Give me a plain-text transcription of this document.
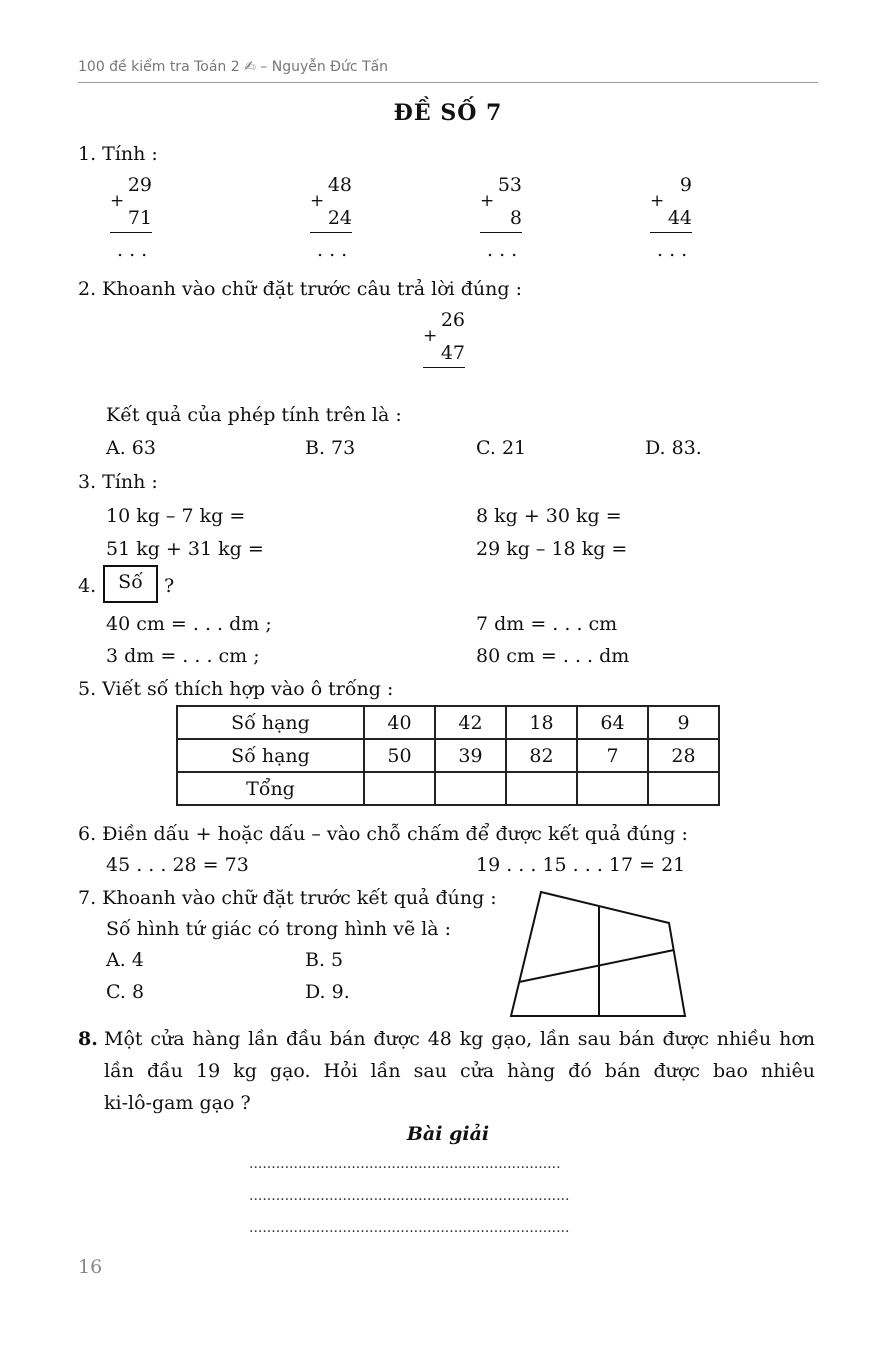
100 đề kiểm tra Toán 2 ✍ – Nguyễn Đức Tấn
ĐỀ SỐ 7
1. Tính :
29
+
71
. . .
48
+
24
. . .
53
+
8
. . .
9
+
44
. . .
2. Khoanh vào chữ đặt trước câu trả lời đúng :
26
+
47
Kết quả của phép tính trên là :
A. 63	B. 73	C. 21	D. 83.
3. Tính :
10 kg – 7 kg =	8 kg + 30 kg =
51 kg + 31 kg =	29 kg – 18 kg =
4.	Số	?
40 cm = . . . dm ;	7 dm = . . . cm
3 dm = . . . cm ;	80 cm = . . . dm
5. Viết số thích hợp vào ô trống :
Số hạng	40	42	18	64	9
Số hạng	50	39	82	7	28
Tổng					
6. Điền dấu + hoặc dấu – vào chỗ chấm để được kết quả đúng :
45 . . . 28 = 73	19 . . . 15 . . . 17 = 21
7. Khoanh vào chữ đặt trước kết quả đúng :
Số hình tứ giác có trong hình vẽ là :
A. 4	B. 5
C. 8	D. 9.
8. Một cửa hàng lần đầu bán được 48 kg gạo, lần sau bán được nhiều hơn
lần đầu 19 kg gạo. Hỏi lần sau cửa hàng đó bán được bao nhiêu
ki-lô-gam gạo ?
Bài giải
......................................................................
........................................................................
........................................................................
16
